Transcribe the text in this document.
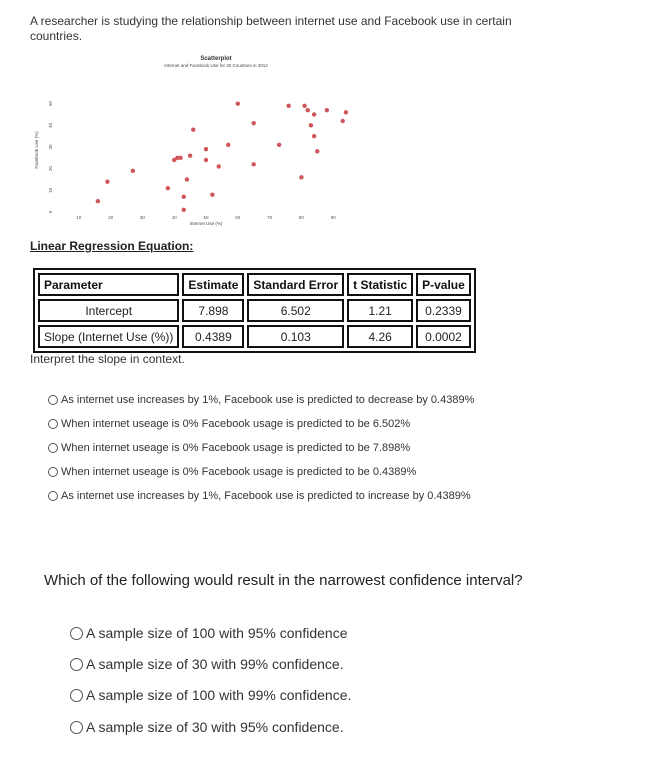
A researcher is studying the relationship between internet use and Facebook use in certain countries.
Scatterplot
Internet and Facebook Use for 32 Countries in 2012
Internet Use (%)
Facebook Use (%)
10	20	30	40	50	60	70	80	90
0
10
20
30
40
50
Linear Regression Equation:
Parameter	Estimate	Standard Error	t Statistic	P-value
Intercept	7.898	6.502	1.21	0.2339
Slope (Internet Use (%))	0.4389	0.103	4.26	0.0002
Interpret the slope in context.
As internet use increases by 1%, Facebook use is predicted to decrease by 0.4389%
When internet useage is 0% Facebook usage is predicted to be 6.502%
When internet useage is 0% Facebook usage is predicted to be 7.898%
When internet useage is 0% Facebook usage is predicted to be 0.4389%
As internet use increases by 1%, Facebook use is predicted to increase by 0.4389%
Which of the following would result in the narrowest confidence interval?
A sample size of 100 with 95% confidence
A sample size of 30 with 99% confidence.
A sample size of 100 with 99% confidence.
A sample size of 30 with 95% confidence.
